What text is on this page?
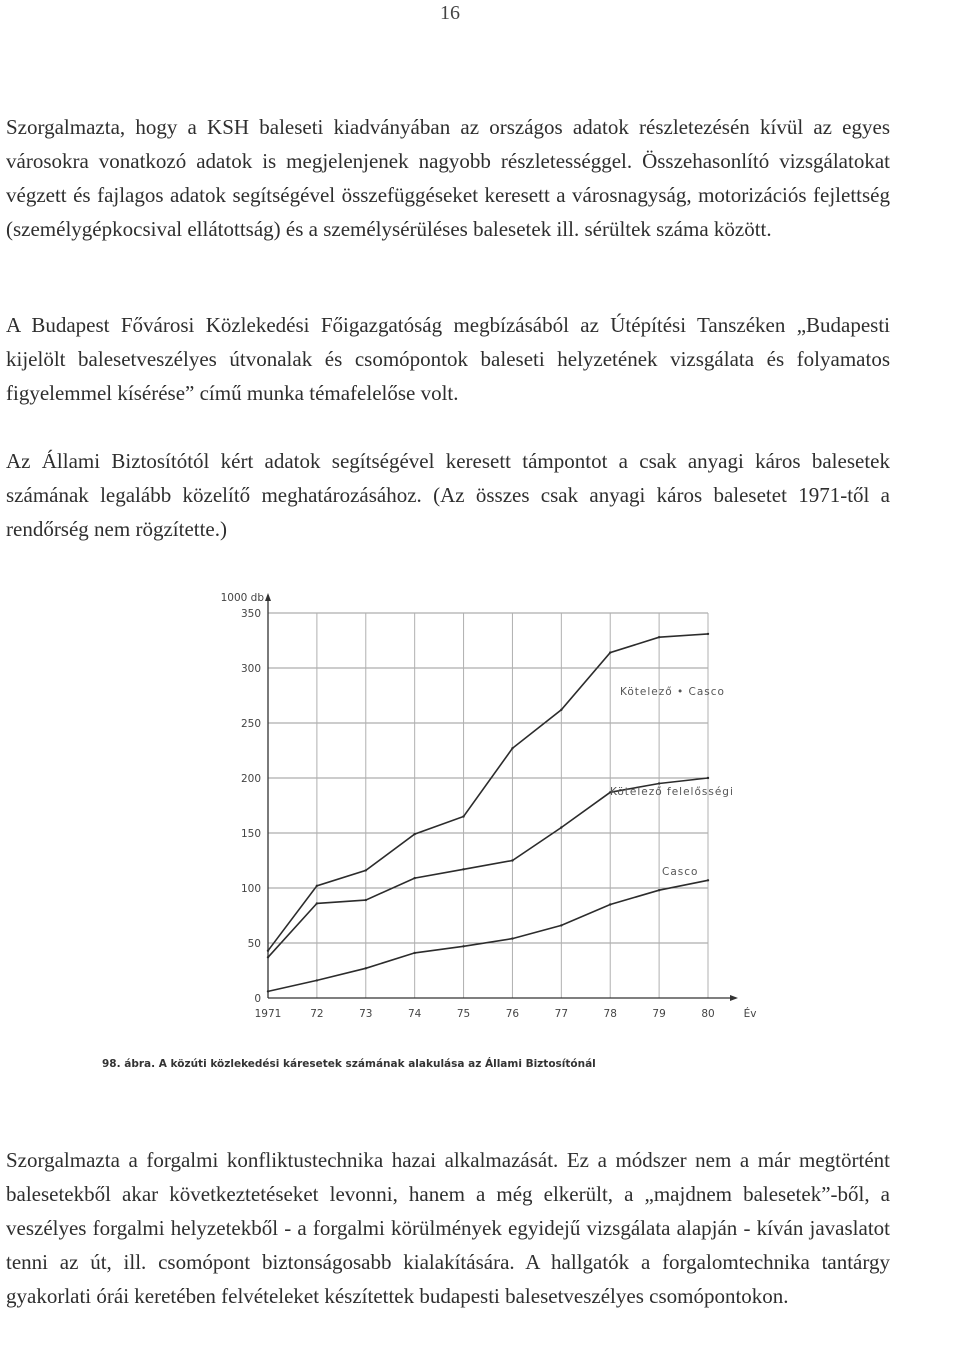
16

Szorgalmazta, hogy a KSH baleseti kiadványában az országos adatok részletezésén kívül az egyes városokra vonatkozó adatok is megjelenjenek nagyobb részletességgel. Összehasonlító vizsgálatokat végzett és fajlagos adatok segítségével összefüggéseket keresett a városnagyság, motorizációs fejlettség (személygépkocsival ellátottság) és a személysérüléses balesetek ill. sérültek száma között.

A Budapest Fővárosi Közlekedési Főigazgatóság megbízásából az Útépítési Tanszéken „Budapesti kijelölt balesetveszélyes útvonalak és csomópontok baleseti helyzetének vizsgálata és folyamatos figyelemmel kísérése” című munka témafelelőse volt.

Az Állami Biztosítótól kért adatok segítségével keresett támpontot a csak anyagi káros balesetek számának legalább közelítő meghatározásához. (Az összes csak anyagi káros balesetet 1971-től a rendőrség nem rögzítette.)

0
50
100
150
200
250
300
350
1971	72	73	74	75	76	77	78	79	80
1000 db
Év
Kötelező • Casco
Kötelező felelősségi
Casco

98. ábra. A közúti közlekedési káresetek számának alakulása az Állami Biztosítónál

Szorgalmazta a forgalmi konfliktustechnika hazai alkalmazását. Ez a módszer nem a már megtörtént balesetekből akar következtetéseket levonni, hanem a még elkerült, a „majdnem balesetek”-ből, a veszélyes forgalmi helyzetekből - a forgalmi körülmények egyidejű vizsgálata alapján - kíván javaslatot tenni az út, ill. csomópont biztonságosabb kialakítására. A hallgatók a forgalomtechnika tantárgy gyakorlati órái keretében felvételeket készítettek budapesti balesetveszélyes csomópontokon.
